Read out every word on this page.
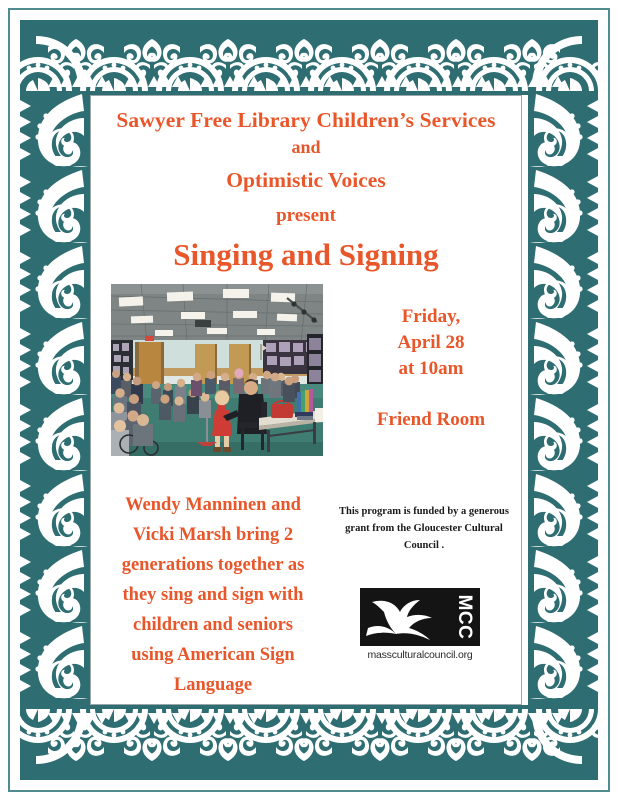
Sawyer Free Library Children’s Services
and
Optimistic Voices
present
Singing and Signing
Friday,
April 28
at 10am
Friend Room
Wendy Manninen and
Vicki Marsh bring 2
generations together as
they sing and sign with
children and seniors
using American Sign
Language
This program is funded by a generous
grant from the Gloucester Cultural
Council .
MCC
massculturalcouncil.org
